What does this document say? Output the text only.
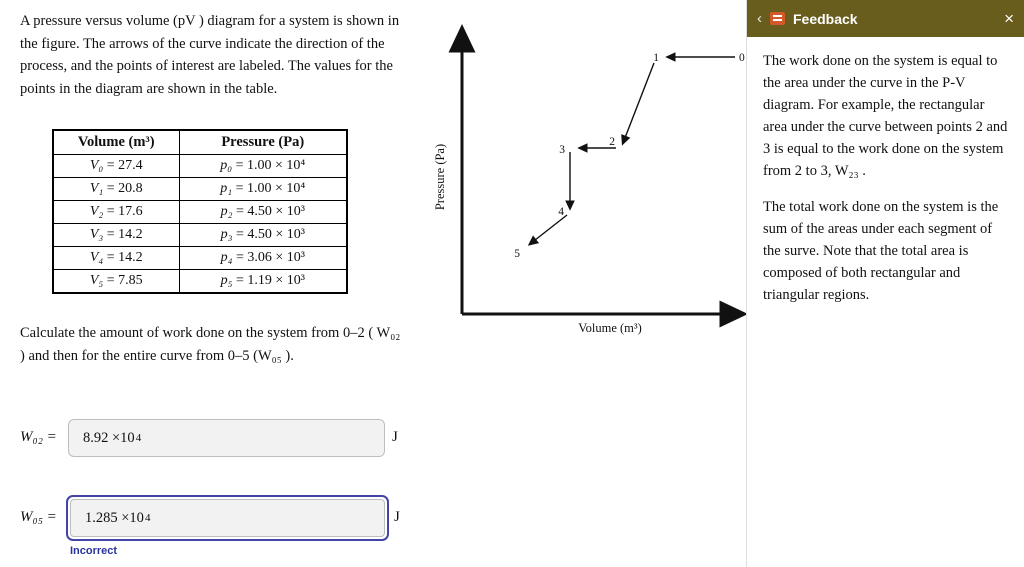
A pressure versus volume (pV ) diagram for a system is shown in the figure. The arrows of the curve indicate the direction of the process, and the points of interest are labeled. The values for the points in the diagram are shown in the table.

Volume (m³)	Pressure (Pa)
V₀ = 27.4	p₀ = 1.00 × 10⁴
V₁ = 20.8	p₁ = 1.00 × 10⁴
V₂ = 17.6	p₂ = 4.50 × 10³
V₃ = 14.2	p₃ = 4.50 × 10³
V₄ = 14.2	p₄ = 3.06 × 10³
V₅ = 7.85	p₅ = 1.19 × 10³

Calculate the amount of work done on the system from 0–2 ( W₀₂ ) and then for the entire curve from 0–5 (W₀₅ ).

W₀₂ = 8.92 ×10 4	J
W₀₅ = 1.285 ×10 4	J
Incorrect
0
1
2
3
4
5
Pressure (Pa)
Volume (m³)
‹ Feedback	×

The work done on the system is equal to the area under the curve in the P-V diagram. For example, the rectangular area under the curve between points 2 and 3 is equal to the work done on the system from 2 to 3, W₂₃ .

The total work done on the system is the sum of the areas under each segment of the surve. Note that the total area is composed of both rectangular and triangular regions.
